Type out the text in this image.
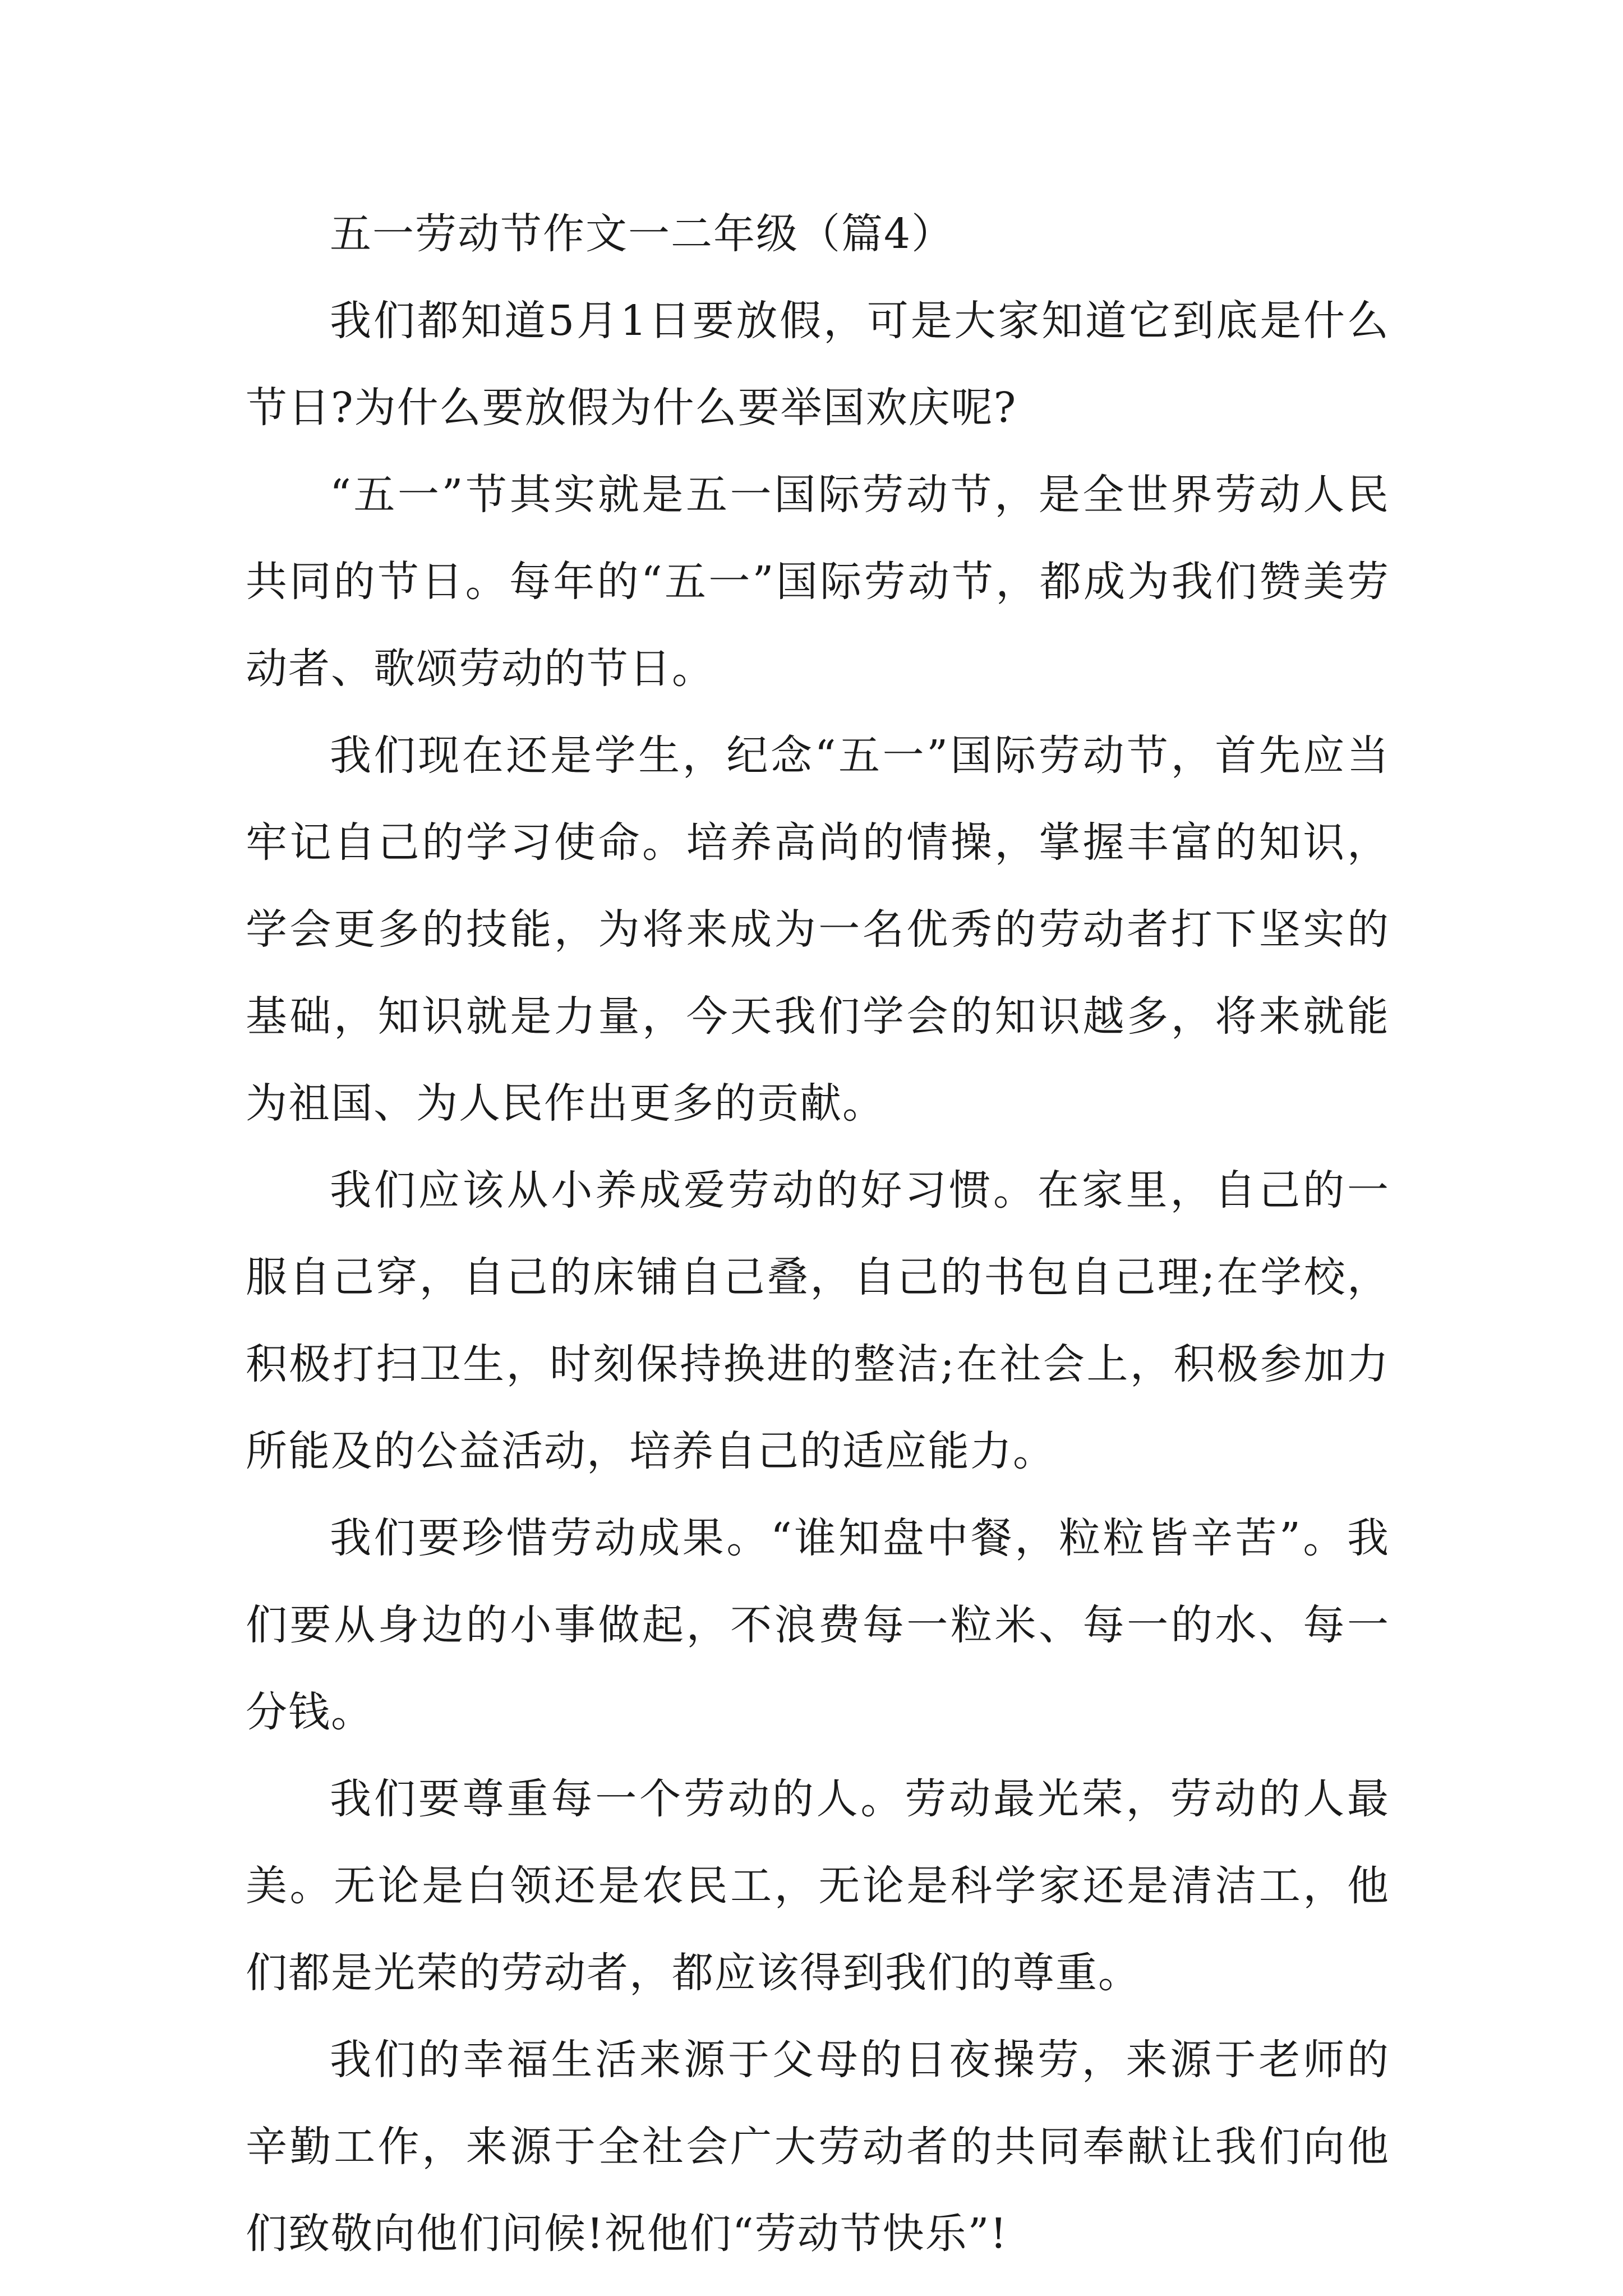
五一劳动节作文一二年级（篇4）

我们都知道5月1日要放假，可是大家知道它到底是什么节日?为什么要放假为什么要举国欢庆呢?

“五一”节其实就是五一国际劳动节，是全世界劳动人民共同的节日。每年的“五一”国际劳动节，都成为我们赞美劳动者、歌颂劳动的节日。

我们现在还是学生，纪念“五一”国际劳动节，首先应当牢记自己的学习使命。培养高尚的情操，掌握丰富的知识，学会更多的技能，为将来成为一名优秀的劳动者打下坚实的基础，知识就是力量，今天我们学会的知识越多，将来就能为祖国、为人民作出更多的贡献。

我们应该从小养成爱劳动的好习惯。在家里，自己的一服自己穿，自己的床铺自己叠，自己的书包自己理;在学校，积极打扫卫生，时刻保持换进的整洁;在社会上，积极参加力所能及的公益活动，培养自己的适应能力。

我们要珍惜劳动成果。“谁知盘中餐，粒粒皆辛苦”。我们要从身边的小事做起，不浪费每一粒米、每一的水、每一分钱。

我们要尊重每一个劳动的人。劳动最光荣，劳动的人最美。无论是白领还是农民工，无论是科学家还是清洁工，他们都是光荣的劳动者，都应该得到我们的尊重。

我们的幸福生活来源于父母的日夜操劳，来源于老师的辛勤工作，来源于全社会广大劳动者的共同奉献让我们向他们致敬向他们问候!祝他们“劳动节快乐”!
